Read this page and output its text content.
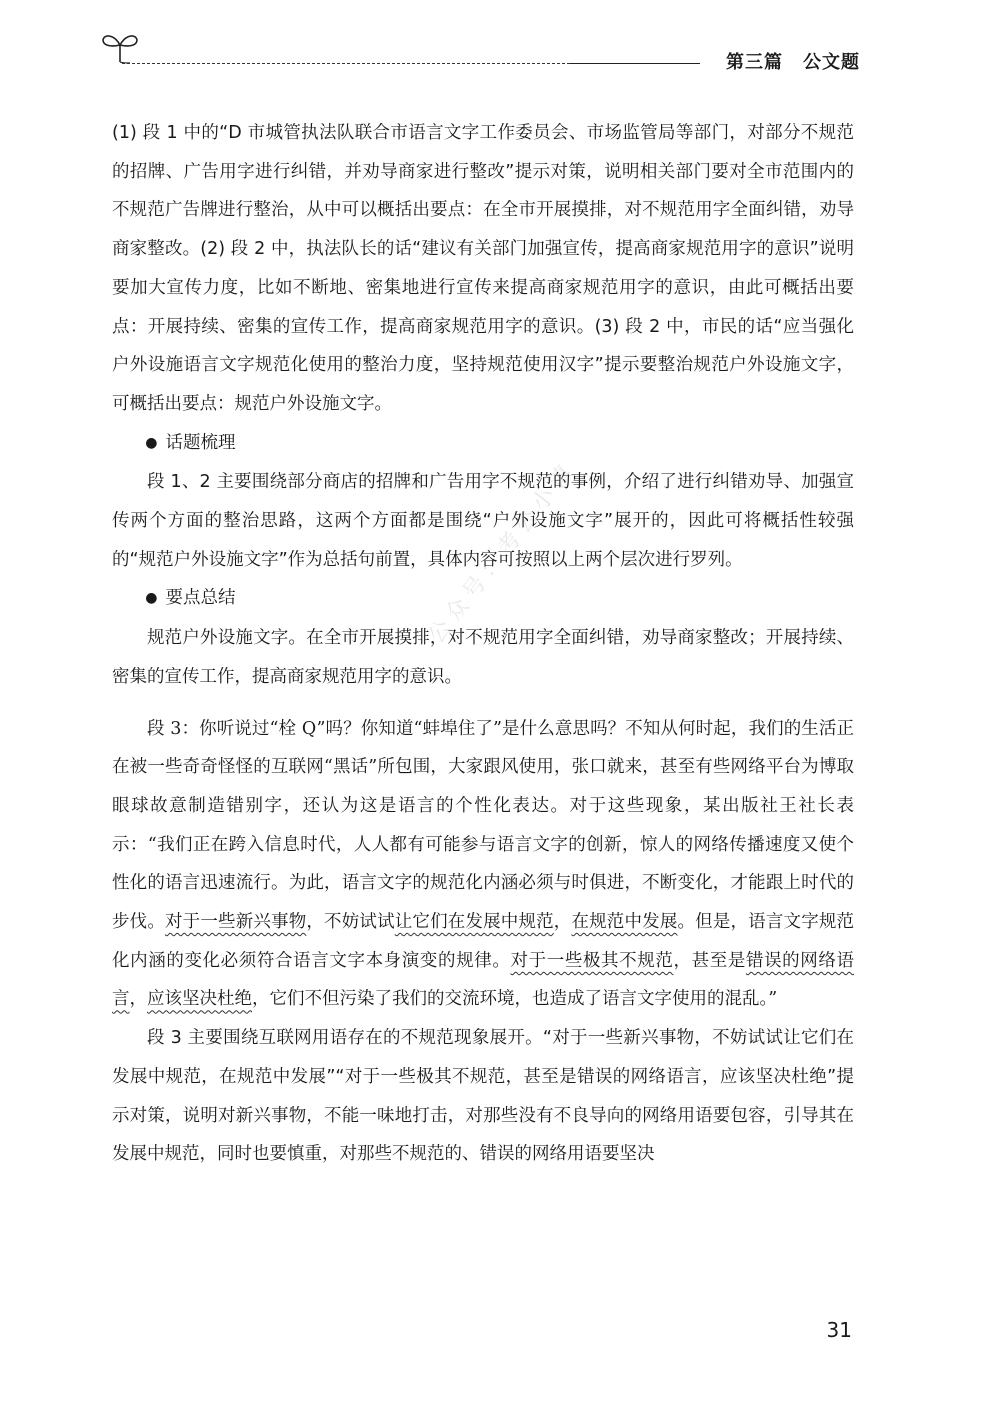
第三篇 公文题
公众号：考公小镇

(1) 段 1 中的“D 市城管执法队联合市语言文字工作委员会、市场监管局等部门，对部分不规范的招牌、广告用字进行纠错，并劝导商家进行整改”提示对策，说明相关部门要对全市范围内的不规范广告牌进行整治，从中可以概括出要点：在全市开展摸排，对不规范用字全面纠错，劝导商家整改。(2) 段 2 中，执法队长的话“建议有关部门加强宣传，提高商家规范用字的意识”说明要加大宣传力度，比如不断地、密集地进行宣传来提高商家规范用字的意识，由此可概括出要点：开展持续、密集的宣传工作，提高商家规范用字的意识。(3) 段 2 中，市民的话“应当强化户外设施语言文字规范化使用的整治力度，坚持规范使用汉字”提示要整治规范户外设施文字，可概括出要点：规范户外设施文字。

● 话题梳理

段 1、2 主要围绕部分商店的招牌和广告用字不规范的事例，介绍了进行纠错劝导、加强宣传两个方面的整治思路，这两个方面都是围绕“户外设施文字”展开的，因此可将概括性较强的“规范户外设施文字”作为总括句前置，具体内容可按照以上两个层次进行罗列。

● 要点总结

规范户外设施文字。在全市开展摸排，对不规范用字全面纠错，劝导商家整改；开展持续、密集的宣传工作，提高商家规范用字的意识。

段 3：你听说过“栓 Q”吗？你知道“蚌埠住了”是什么意思吗？不知从何时起，我们的生活正在被一些奇奇怪怪的互联网“黑话”所包围，大家跟风使用，张口就来，甚至有些网络平台为博取眼球故意制造错别字，还认为这是语言的个性化表达。对于这些现象，某出版社王社长表示：“我们正在跨入信息时代，人人都有可能参与语言文字的创新，惊人的网络传播速度又使个性化的语言迅速流行。为此，语言文字的规范化内涵必须与时俱进，不断变化，才能跟上时代的步伐。对于一些新兴事物，不妨试试让它们在发展中规范，在规范中发展。但是，语言文字规范化内涵的变化必须符合语言文字本身演变的规律。对于一些极其不规范，甚至是错误的网络语言，应该坚决杜绝，它们不但污染了我们的交流环境，也造成了语言文字使用的混乱。”

段 3 主要围绕互联网用语存在的不规范现象展开。“对于一些新兴事物，不妨试试让它们在发展中规范，在规范中发展”“对于一些极其不规范，甚至是错误的网络语言，应该坚决杜绝”提示对策，说明对新兴事物，不能一味地打击，对那些没有不良导向的网络用语要包容，引导其在发展中规范，同时也要慎重，对那些不规范的、错误的网络用语要坚决

31
